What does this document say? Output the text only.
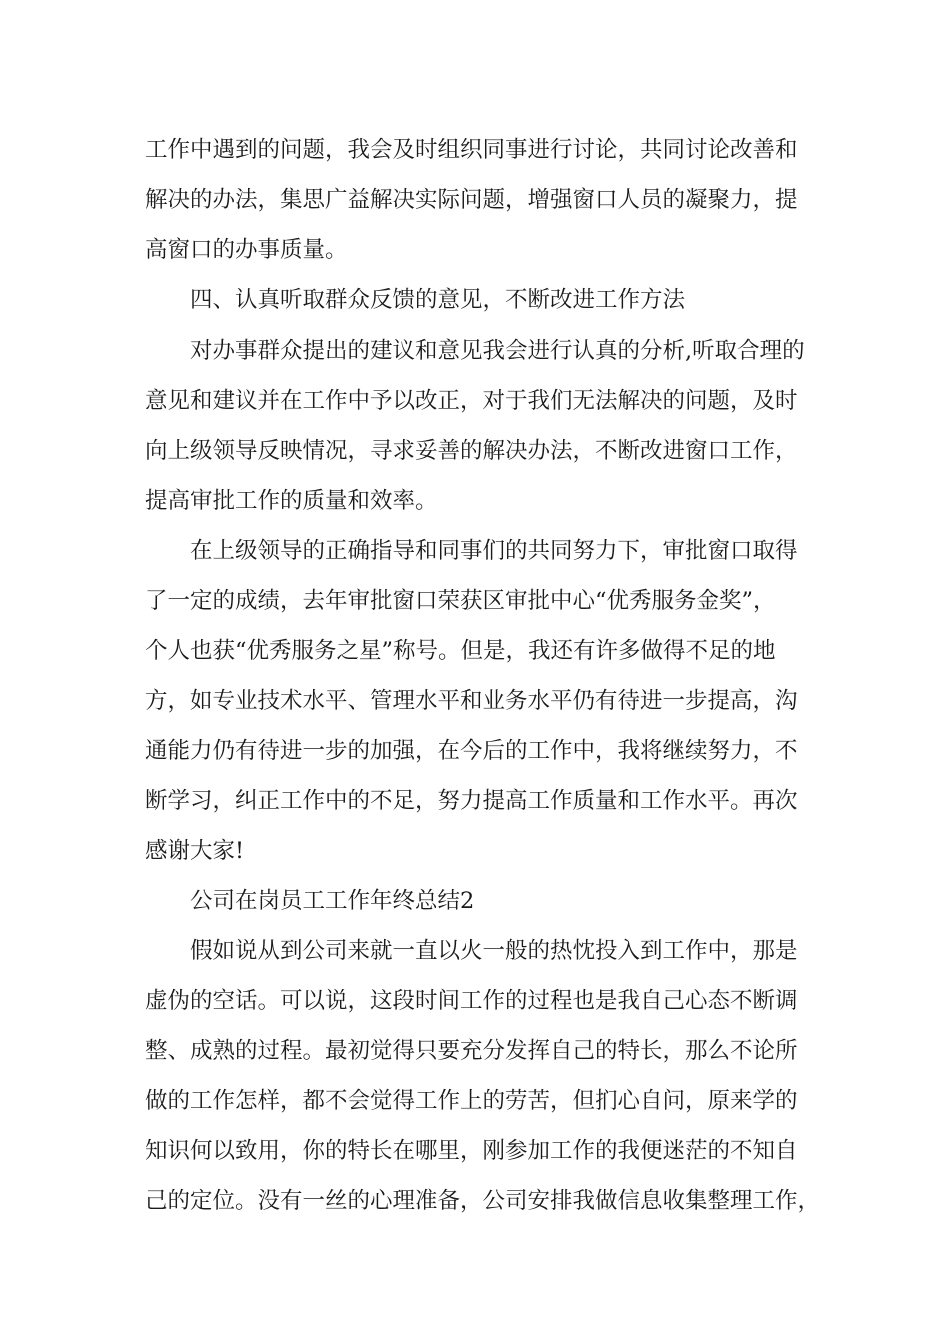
工作中遇到的问题，我会及时组织同事进行讨论，共同讨论改善和
解决的办法，集思广益解决实际问题，增强窗口人员的凝聚力，提
高窗口的办事质量。
四、认真听取群众反馈的意见，不断改进工作方法
对办事群众提出的建议和意见我会进行认真的分析,听取合理的
意见和建议并在工作中予以改正，对于我们无法解决的问题，及时
向上级领导反映情况，寻求妥善的解决办法，不断改进窗口工作，
提高审批工作的质量和效率。
在上级领导的正确指导和同事们的共同努力下，审批窗口取得
了一定的成绩，去年审批窗口荣获区审批中心“优秀服务金奖”，
个人也获“优秀服务之星”称号。但是，我还有许多做得不足的地
方，如专业技术水平、管理水平和业务水平仍有待进一步提高，沟
通能力仍有待进一步的加强，在今后的工作中，我将继续努力，不
断学习，纠正工作中的不足，努力提高工作质量和工作水平。再次
感谢大家!
公司在岗员工工作年终总结2
假如说从到公司来就一直以火一般的热忱投入到工作中，那是
虚伪的空话。可以说，这段时间工作的过程也是我自己心态不断调
整、成熟的过程。最初觉得只要充分发挥自己的特长，那么不论所
做的工作怎样，都不会觉得工作上的劳苦，但扪心自问，原来学的
知识何以致用，你的特长在哪里，刚参加工作的我便迷茫的不知自
己的定位。没有一丝的心理准备，公司安排我做信息收集整理工作，
